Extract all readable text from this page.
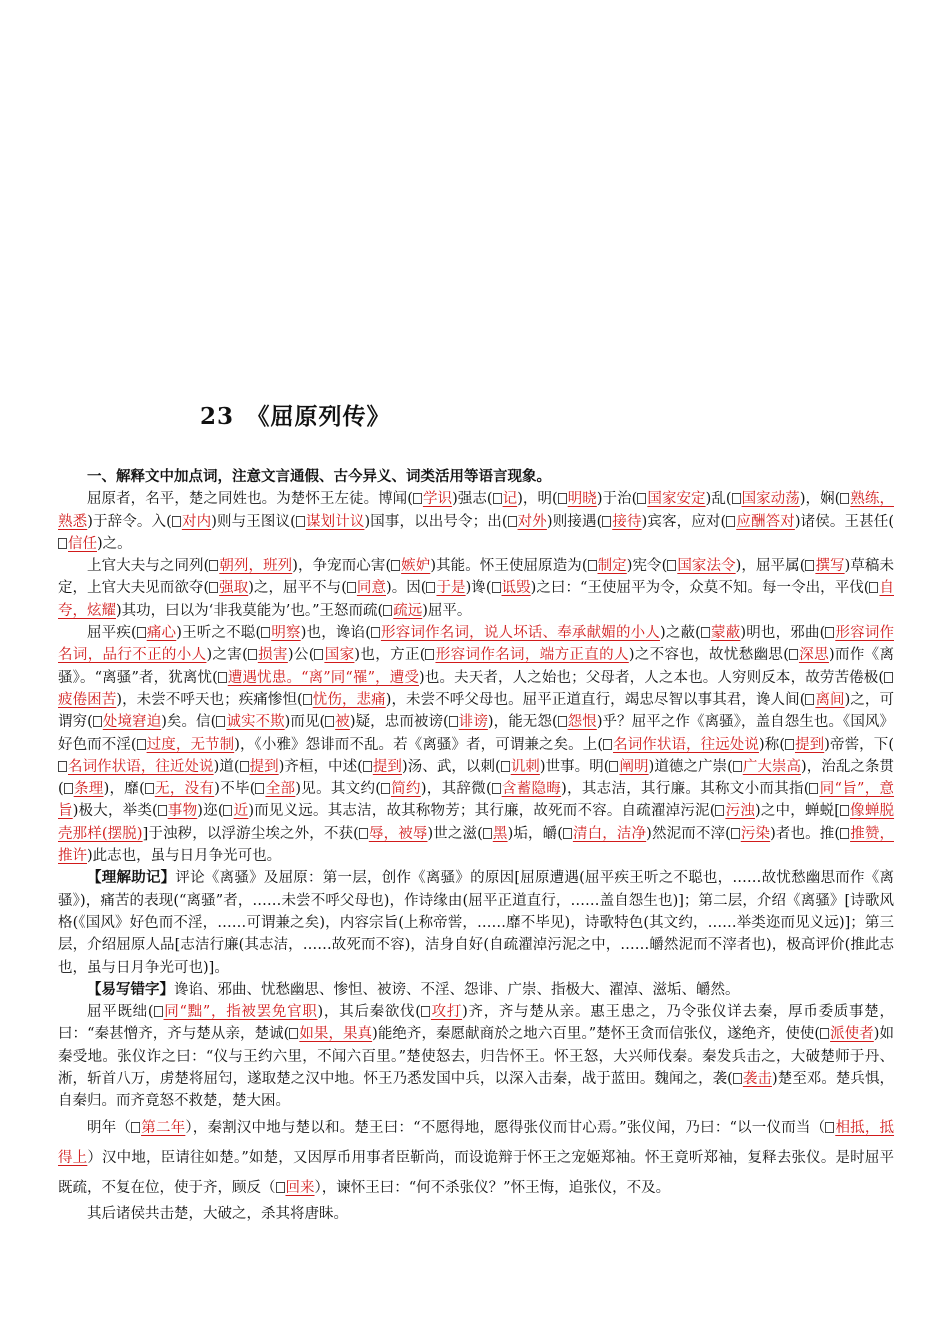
23　《屈原列传》

一、解释文中加点词，注意文言通假、古今异义、词类活用等语言现象。

屈原者，名平，楚之同姓也。为楚怀王左徒。博闻( 学识)强志( 记)，明( 明晓)于治( 国家安定)乱( 国家动荡)，娴( 熟练，熟悉)于辞令。入( 对内)则与王图议( 谋划计议)国事，以出号令；出( 对外)则接遇( 接待)宾客，应对( 应酬答对)诸侯。王甚任(信任)之。

上官大夫与之同列( 朝列，班列)，争宠而心害( 嫉妒)其能。怀王使屈原造为( 制定)宪令( 国家法令)，屈平属( 撰写)草稿未定，上官大夫见而欲夺( 强取)之，屈平不与( 同意)。因( 于是)谗( 诋毁)之曰：“王使屈平为令，众莫不知。每一令出，平伐( 自夸，炫耀)其功，曰以为‘非我莫能为’也。”王怒而疏( 疏远)屈平。

屈平疾( 痛心)王听之不聪( 明察)也，谗谄( 形容词作名词，说人坏话、奉承献媚的小人)之蔽( 蒙蔽)明也，邪曲( 形容词作名词，品行不正的小人)之害( 损害)公( 国家)也，方正( 形容词作名词，端方正直的人)之不容也，故忧愁幽思( 深思)而作《离骚》。“离骚”者，犹离忧( 遭遇忧患。“离”同“罹”，遭受)也。夫天者，人之始也；父母者，人之本也。人穷则反本，故劳苦倦极(疲倦困苦)，未尝不呼天也；疾痛惨怛( 忧伤，悲痛)，未尝不呼父母也。屈平正道直行，竭忠尽智以事其君，谗人间( 离间)之，可谓穷( 处境窘迫)矣。信( 诚实不欺)而见( 被)疑，忠而被谤( 诽谤)，能无怨( 怨恨)乎？屈平之作《离骚》，盖自怨生也。《国风》好色而不淫( 过度，无节制)，《小雅》怨诽而不乱。若《离骚》者，可谓兼之矣。上( 名词作状语，往远处说)称( 提到)帝喾，下(名词作状语，往近处说)道( 提到)齐桓，中述( 提到)汤、武，以刺( 讥刺)世事。明( 阐明)道德之广崇( 广大崇高)，治乱之条贯( 条理)，靡( 无，没有)不毕( 全部)见。其文约( 简约)，其辞微( 含蓄隐晦)，其志洁，其行廉。其称文小而其指( 同“旨”，意旨)极大，举类( 事物)迩( 近)而见义远。其志洁，故其称物芳；其行廉，故死而不容。自疏濯淖污泥( 污浊)之中，蝉蜕[ 像蝉脱壳那样(摆脱)]于浊秽，以浮游尘埃之外，不获( 辱，被辱)世之滋( 黑)垢，皭( 清白，洁净)然泥而不滓( 污染)者也。推( 推赞，推许)此志也，虽与日月争光可也。

【理解助记】评论《离骚》及屈原：第一层，创作《离骚》的原因[屈原遭遇(屈平疾王听之不聪也，……故忧愁幽思而作《离骚》)，痛苦的表现(“离骚”者，……未尝不呼父母也)，作诗缘由(屈平正道直行，……盖自怨生也)]；第二层，介绍《离骚》[诗歌风格(《国风》好色而不淫，……可谓兼之矣)，内容宗旨(上称帝喾，……靡不毕见)，诗歌特色(其文约，……举类迩而见义远)]；第三层，介绍屈原人品[志洁行廉(其志洁，……故死而不容)，洁身自好(自疏濯淖污泥之中，……皭然泥而不滓者也)，极高评价(推此志也，虽与日月争光可也)]。

【易写错字】谗谄、邪曲、忧愁幽思、惨怛、被谤、不淫、怨诽、广崇、指极大、濯淖、滋垢、皭然。

屈平既绌( 同“黜”，指被罢免官职)，其后秦欲伐( 攻打)齐，齐与楚从亲。惠王患之，乃令张仪详去秦，厚币委质事楚，曰：“秦甚憎齐，齐与楚从亲，楚诚( 如果，果真)能绝齐，秦愿献商於之地六百里。”楚怀王贪而信张仪，遂绝齐，使使( 派使者)如秦受地。张仪诈之曰：“仪与王约六里，不闻六百里。”楚使怒去，归告怀王。怀王怒，大兴师伐秦。秦发兵击之，大破楚师于丹、淅，斩首八万，虏楚将屈匄，遂取楚之汉中地。怀王乃悉发国中兵，以深入击秦，战于蓝田。魏闻之，袭( 袭击)楚至邓。楚兵惧，自秦归。而齐竟怒不救楚，楚大困。

明年（ 第二年），秦割汉中地与楚以和。楚王曰：“不愿得地，愿得张仪而甘心焉。”张仪闻，乃曰：“以一仪而当（ 相抵，抵得上）汉中地，臣请往如楚。”如楚，又因厚币用事者臣靳尚，而设诡辩于怀王之宠姬郑袖。怀王竟听郑袖，复释去张仪。是时屈平既疏，不复在位，使于齐，顾反（ 回来），谏怀王曰：“何不杀张仪？”怀王悔，追张仪，不及。

其后诸侯共击楚，大破之，杀其将唐眛。
